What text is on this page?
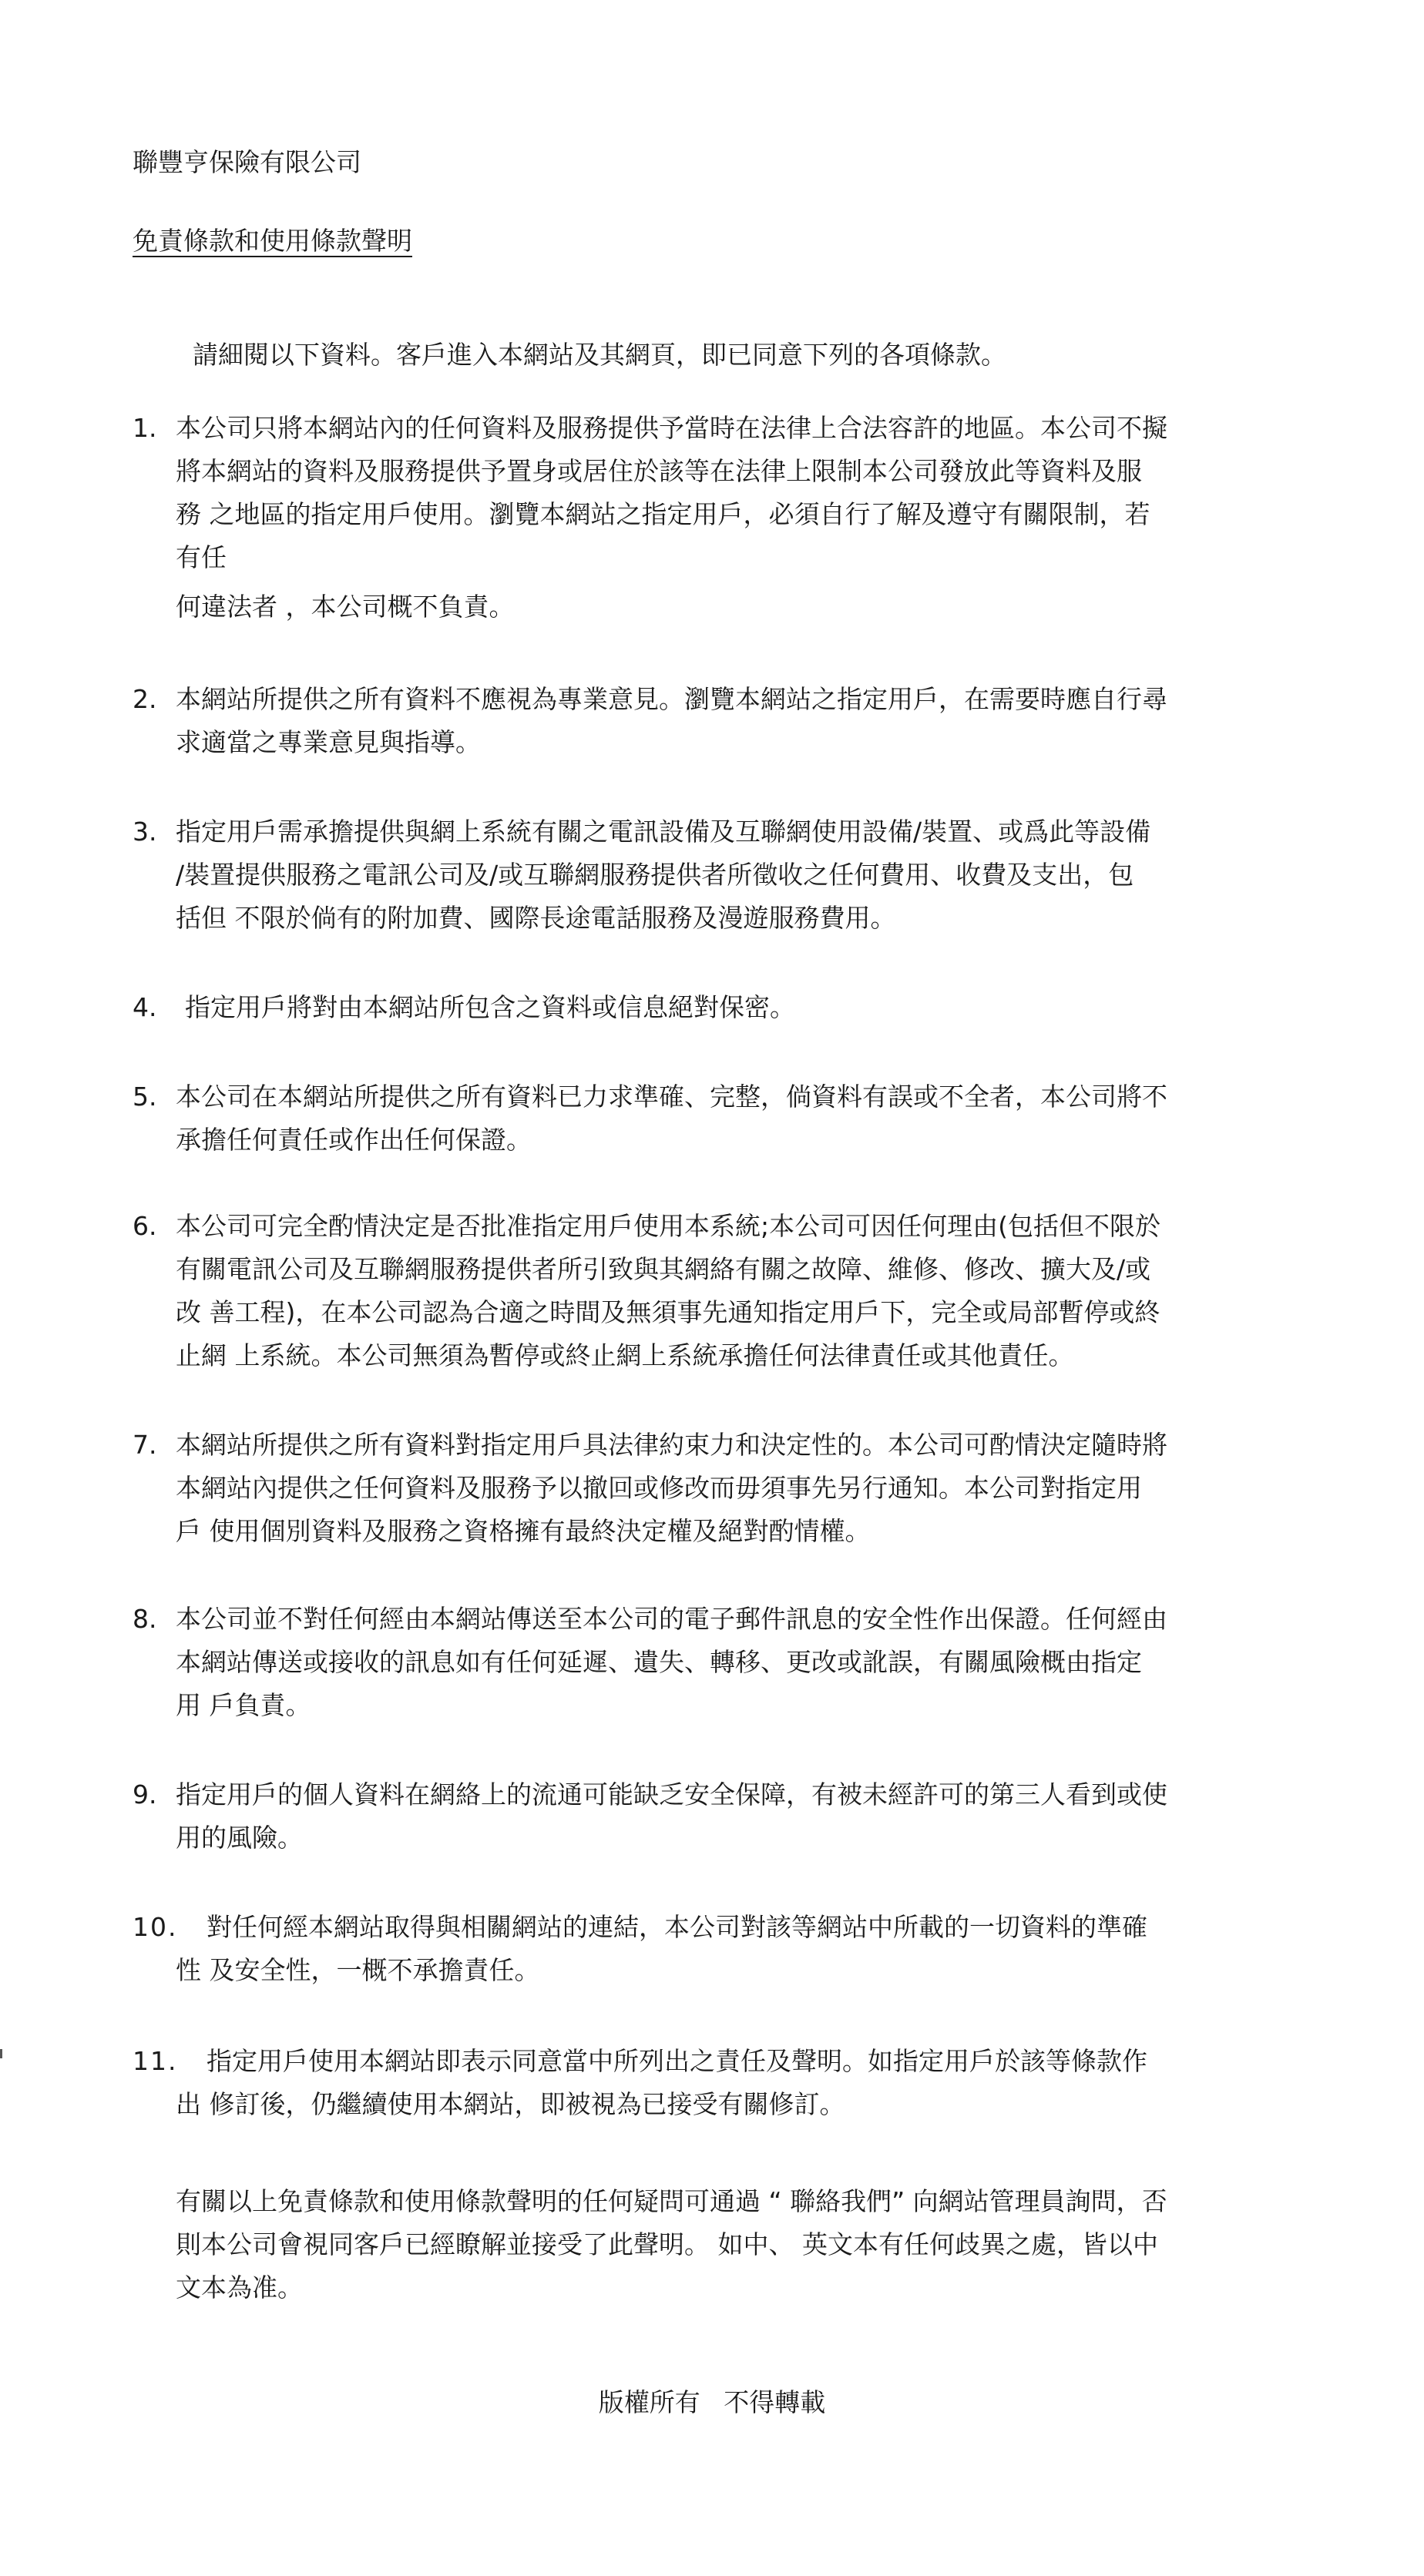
聯豐亨保險有限公司
免責條款和使用條款聲明
請細閱以下資料。客戶進入本網站及其網頁，即已同意下列的各項條款。
1. 本公司只將本網站內的任何資料及服務提供予當時在法律上合法容許的地區。本公司不擬
將本網站的資料及服務提供予置身或居住於該等在法律上限制本公司發放此等資料及服
務 之地區的指定用戶使用。瀏覽本網站之指定用戶，必須自行了解及遵守有關限制，若
有任
何違法者 ，本公司概不負責。
2. 本網站所提供之所有資料不應視為專業意見。瀏覽本網站之指定用戶，在需要時應自行尋
求適當之專業意見與指導。
3. 指定用戶需承擔提供與網上系統有關之電訊設備及互聯網使用設備/裝置、或爲此等設備
/裝置提供服務之電訊公司及/或互聯網服務提供者所徵收之任何費用、收費及支出，包
括但 不限於倘有的附加費、國際長途電話服務及漫遊服務費用。
4. 指定用戶將對由本網站所包含之資料或信息絕對保密。
5. 本公司在本網站所提供之所有資料已力求準確、完整，倘資料有誤或不全者，本公司將不
承擔任何責任或作出任何保證。
6. 本公司可完全酌情決定是否批准指定用戶使用本系統;本公司可因任何理由(包括但不限於
有關電訊公司及互聯網服務提供者所引致與其網絡有關之故障、維修、修改、擴大及/或
改 善工程)，在本公司認為合適之時間及無須事先通知指定用戶下，完全或局部暫停或終
止網 上系統。本公司無須為暫停或終止網上系統承擔任何法律責任或其他責任。
7. 本網站所提供之所有資料對指定用戶具法律約束力和決定性的。本公司可酌情決定隨時將
本網站內提供之任何資料及服務予以撤回或修改而毋須事先另行通知。本公司對指定用
戶 使用個別資料及服務之資格擁有最終決定權及絕對酌情權。
8. 本公司並不對任何經由本網站傳送至本公司的電子郵件訊息的安全性作出保證。任何經由
本網站傳送或接收的訊息如有任何延遲、遺失、轉移、更改或訛誤，有關風險概由指定
用 戶負責。
9. 指定用戶的個人資料在網絡上的流通可能缺乏安全保障，有被未經許可的第三人看到或使
用的風險。
10.	對任何經本網站取得與相關網站的連結，本公司對該等網站中所載的一切資料的準確
性 及安全性，一概不承擔責任。
11.	指定用戶使用本網站即表示同意當中所列出之責任及聲明。如指定用戶於該等條款作
出 修訂後，仍繼續使用本網站，即被視為已接受有關修訂。
有關以上免責條款和使用條款聲明的任何疑問可通過 “ 聯絡我們” 向網站管理員詢問，否
則本公司會視同客戶已經瞭解並接受了此聲明。 如中、 英文本有任何歧異之處，皆以中
文本為准。
版權所有 不得轉載
